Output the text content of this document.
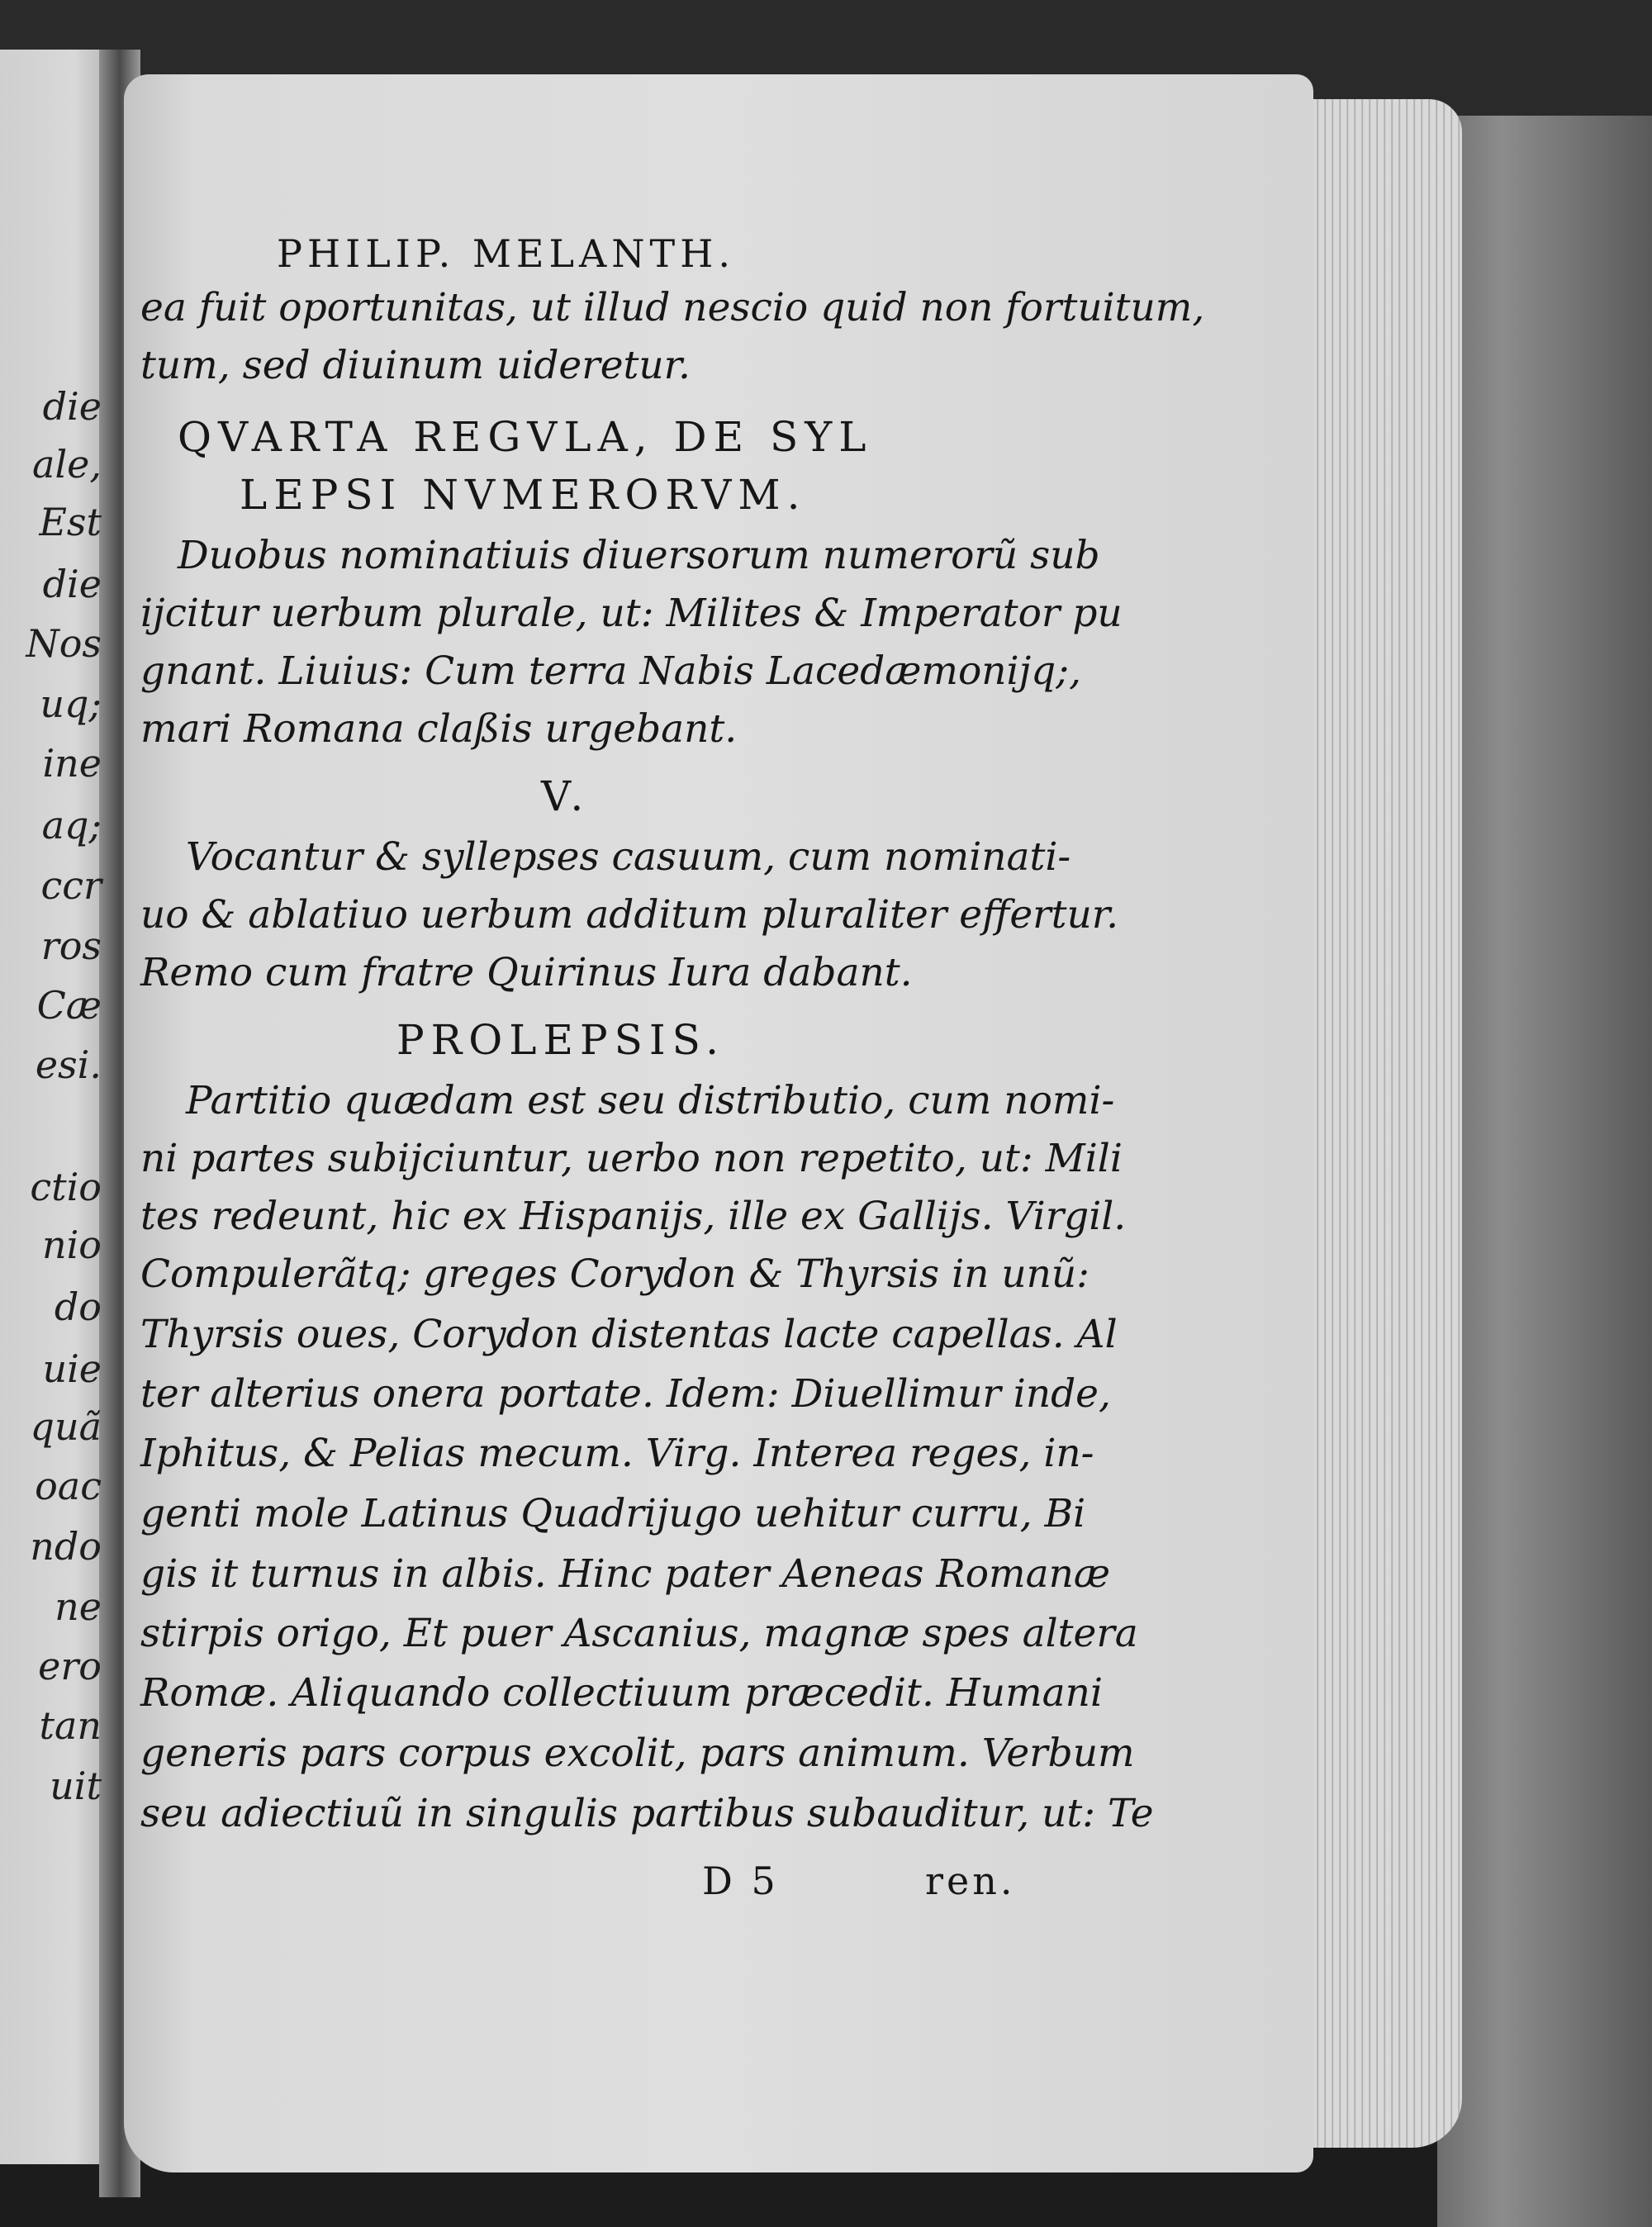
die
ale,
Est
die
Nos
uq;
ine
aq;
ccr
ros
Cæ
esi.
ctio
nio
do
uie
quã
oac
ndo
ne
ero
tan
uit
PHILIP. MELANTH.
ea fuit oportunitas, ut illud nescio quid non fortuitum,
tum, sed diuinum uideretur.
QVARTA REGVLA, DE SYL
LEPSI NVMERORVM.
Duobus nominatiuis diuersorum numerorũ sub
ijcitur uerbum plurale, ut: Milites & Imperator pu
gnant. Liuius: Cum terra Nabis Lacedæmonijq;,
mari Romana claßis urgebant.
V.
Vocantur & syllepses casuum, cum nominati-
uo & ablatiuo uerbum additum pluraliter effertur.
Remo cum fratre Quirinus Iura dabant.
PROLEPSIS.
Partitio quædam est seu distributio, cum nomi-
ni partes subijciuntur, uerbo non repetito, ut: Mili
tes redeunt, hic ex Hispanijs, ille ex Gallijs. Virgil.
Compulerãtq; greges Corydon & Thyrsis in unũ:
Thyrsis oues, Corydon distentas lacte capellas. Al
ter alterius onera portate. Idem: Diuellimur inde,
Iphitus, & Pelias mecum. Virg. Interea reges, in-
genti mole Latinus Quadrijugo uehitur curru, Bi
gis it turnus in albis. Hinc pater Aeneas Romanæ
stirpis origo, Et puer Ascanius, magnæ spes altera
Romæ. Aliquando collectiuum præcedit. Humani
generis pars corpus excolit, pars animum. Verbum
seu adiectiuũ in singulis partibus subauditur, ut: Te
D 5	ren.
